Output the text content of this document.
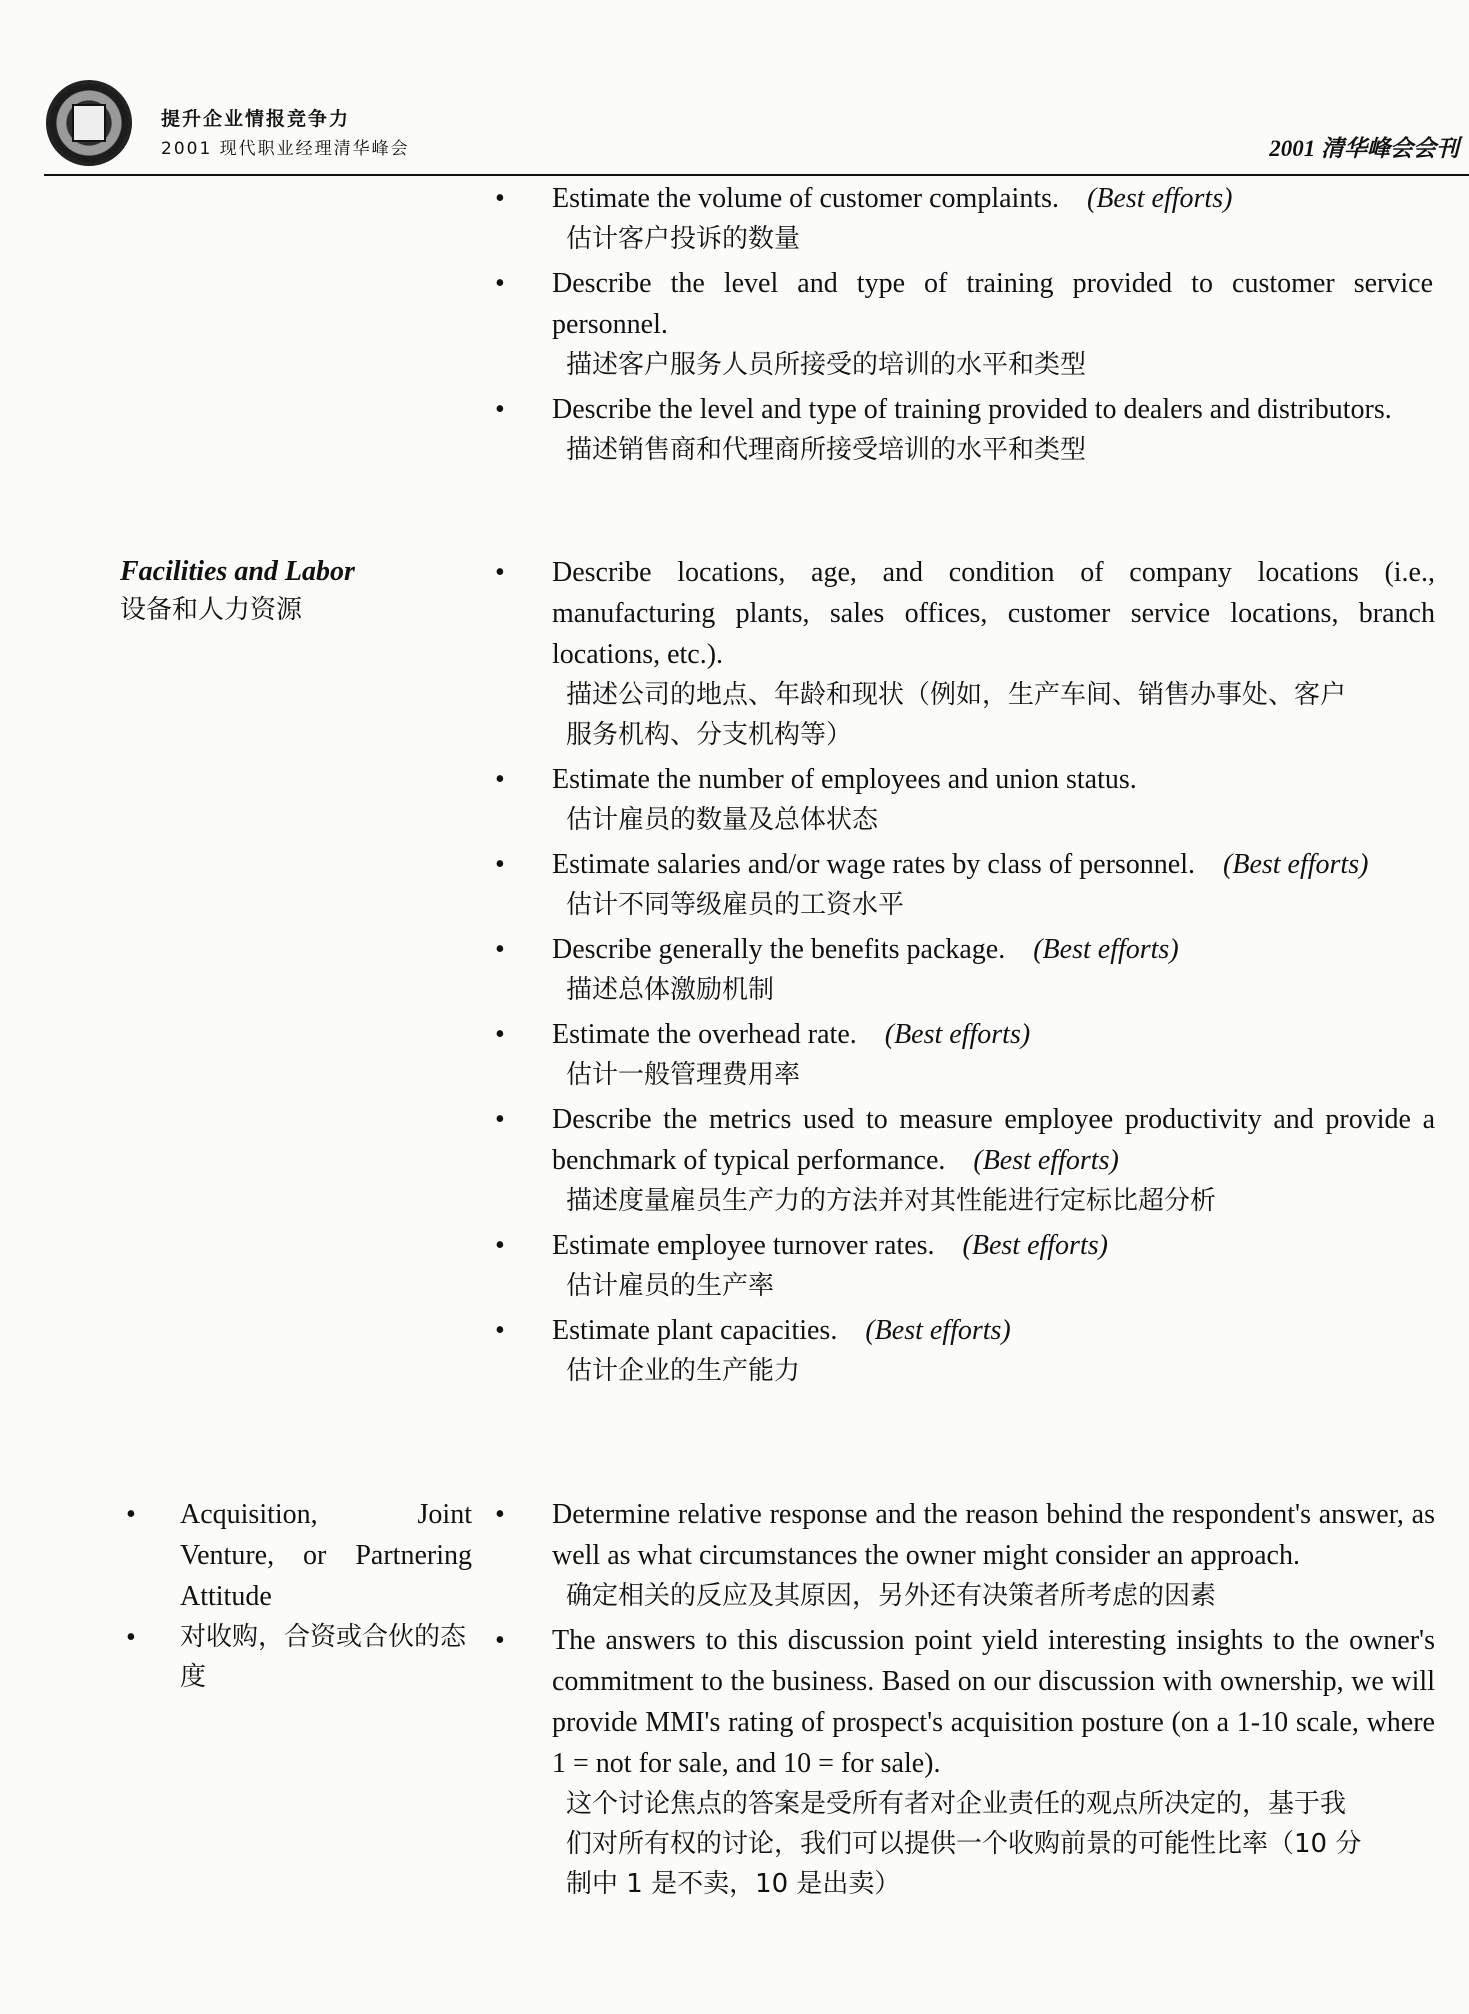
提升企业情报竞争力
2001 现代职业经理清华峰会	2001 清华峰会会刊
• Estimate the volume of customer complaints. (Best efforts)
估计客户投诉的数量
• Describe the level and type of training provided to customer service personnel.
描述客户服务人员所接受的培训的水平和类型
• Describe the level and type of training provided to dealers and distributors.
描述销售商和代理商所接受培训的水平和类型
Facilities and Labor
设备和人力资源
• Describe locations, age, and condition of company locations (i.e., manufacturing plants, sales offices, customer service locations, branch locations, etc.).
描述公司的地点、年龄和现状（例如，生产车间、销售办事处、客户服务机构、分支机构等）
• Estimate the number of employees and union status.
估计雇员的数量及总体状态
• Estimate salaries and/or wage rates by class of personnel. (Best efforts)
估计不同等级雇员的工资水平
• Describe generally the benefits package. (Best efforts)
描述总体激励机制
• Estimate the overhead rate. (Best efforts)
估计一般管理费用率
• Describe the metrics used to measure employee productivity and provide a benchmark of typical performance. (Best efforts)
描述度量雇员生产力的方法并对其性能进行定标比超分析
• Estimate employee turnover rates. (Best efforts)
估计雇员的生产率
• Estimate plant capacities. (Best efforts)
估计企业的生产能力
• Acquisition, Joint Venture, or Partnering Attitude
• 对收购，合资或合伙的态度
• Determine relative response and the reason behind the respondent's answer, as well as what circumstances the owner might consider an approach.
确定相关的反应及其原因，另外还有决策者所考虑的因素
• The answers to this discussion point yield interesting insights to the owner's commitment to the business. Based on our discussion with ownership, we will provide MMI's rating of prospect's acquisition posture (on a 1-10 scale, where 1 = not for sale, and 10 = for sale).
这个讨论焦点的答案是受所有者对企业责任的观点所决定的，基于我们对所有权的讨论，我们可以提供一个收购前景的可能性比率（10 分制中 1 是不卖，10 是出卖）
